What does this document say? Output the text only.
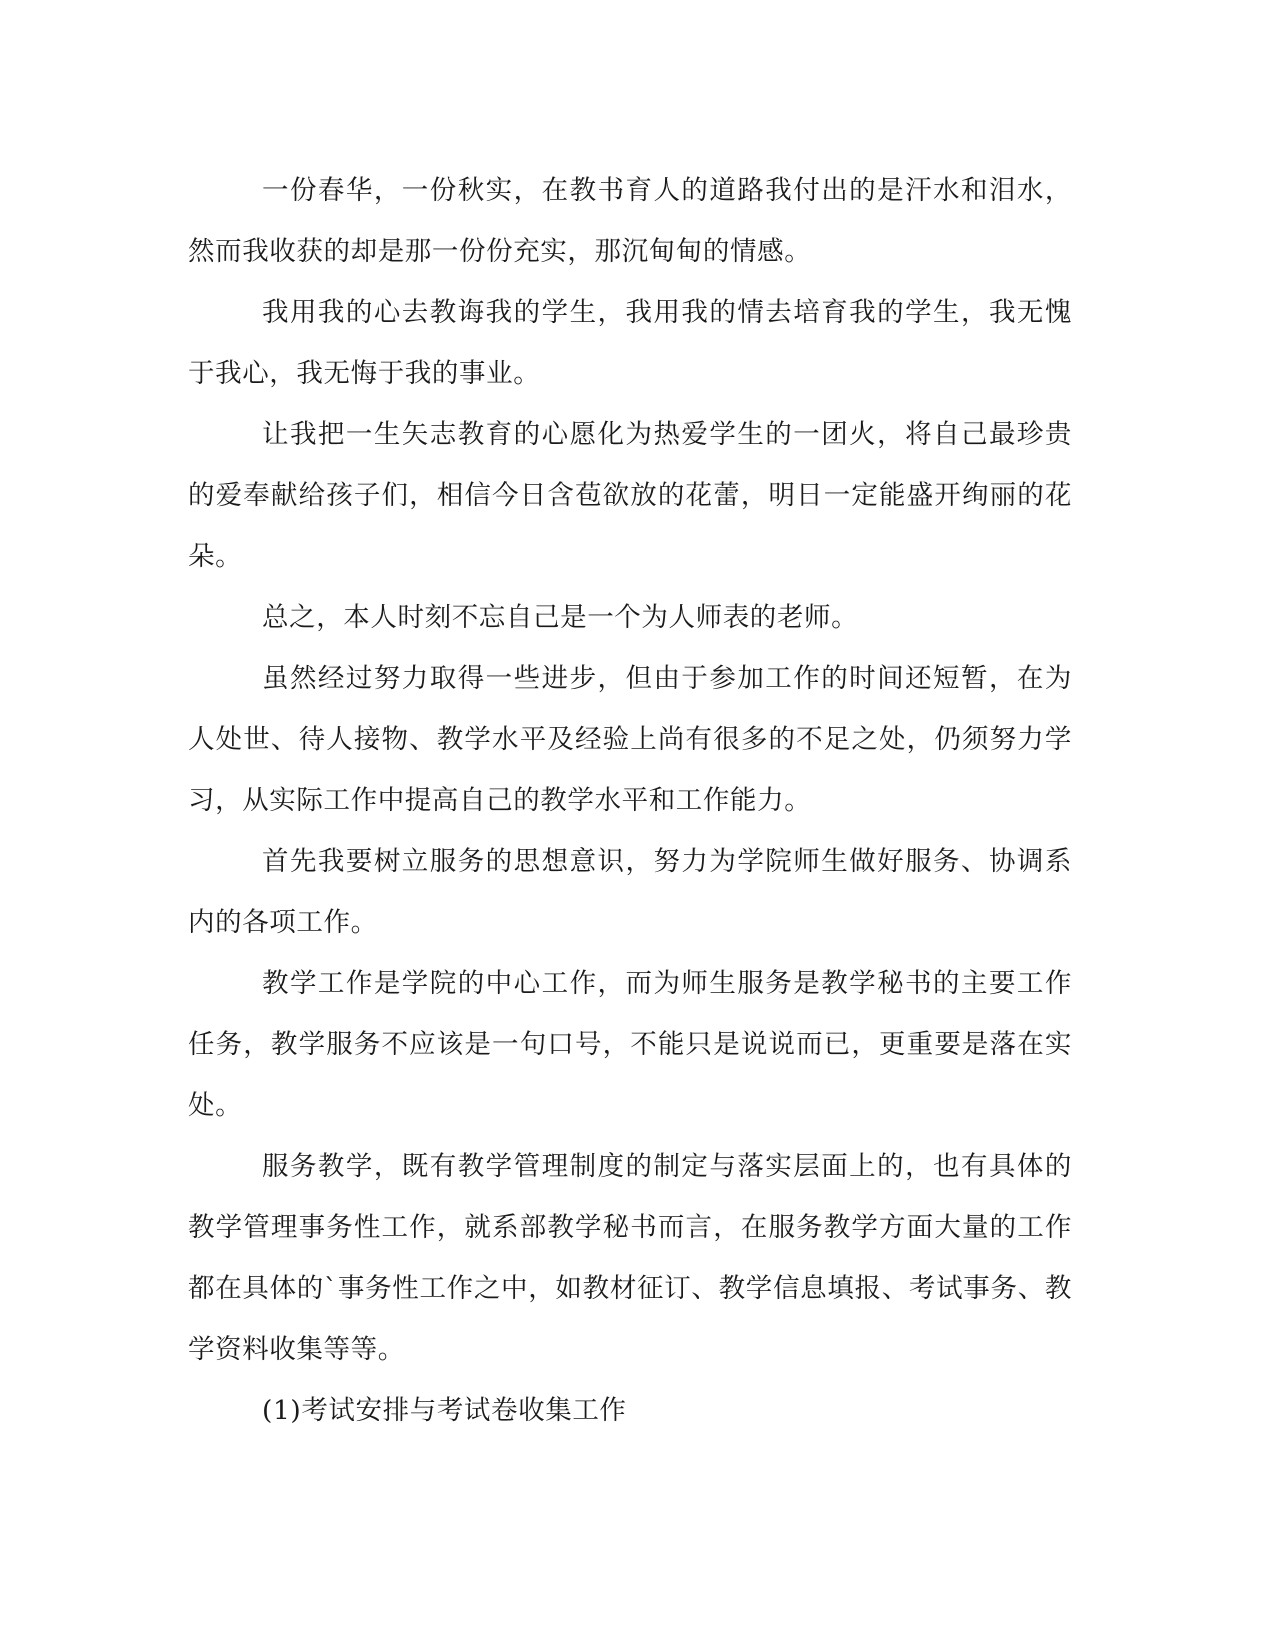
一份春华，一份秋实，在教书育人的道路我付出的是汗水和泪水，然而我收获的却是那一份份充实，那沉甸甸的情感。

我用我的心去教诲我的学生，我用我的情去培育我的学生，我无愧于我心，我无悔于我的事业。

让我把一生矢志教育的心愿化为热爱学生的一团火，将自己最珍贵的爱奉献给孩子们，相信今日含苞欲放的花蕾，明日一定能盛开绚丽的花朵。

总之，本人时刻不忘自己是一个为人师表的老师。

虽然经过努力取得一些进步，但由于参加工作的时间还短暂，在为人处世、待人接物、教学水平及经验上尚有很多的不足之处，仍须努力学习，从实际工作中提高自己的教学水平和工作能力。

首先我要树立服务的思想意识，努力为学院师生做好服务、协调系内的各项工作。

教学工作是学院的中心工作，而为师生服务是教学秘书的主要工作任务，教学服务不应该是一句口号，不能只是说说而已，更重要是落在实处。

服务教学，既有教学管理制度的制定与落实层面上的，也有具体的教学管理事务性工作，就系部教学秘书而言，在服务教学方面大量的工作都在具体的`事务性工作之中，如教材征订、教学信息填报、考试事务、教学资料收集等等。

(1)考试安排与考试卷收集工作
